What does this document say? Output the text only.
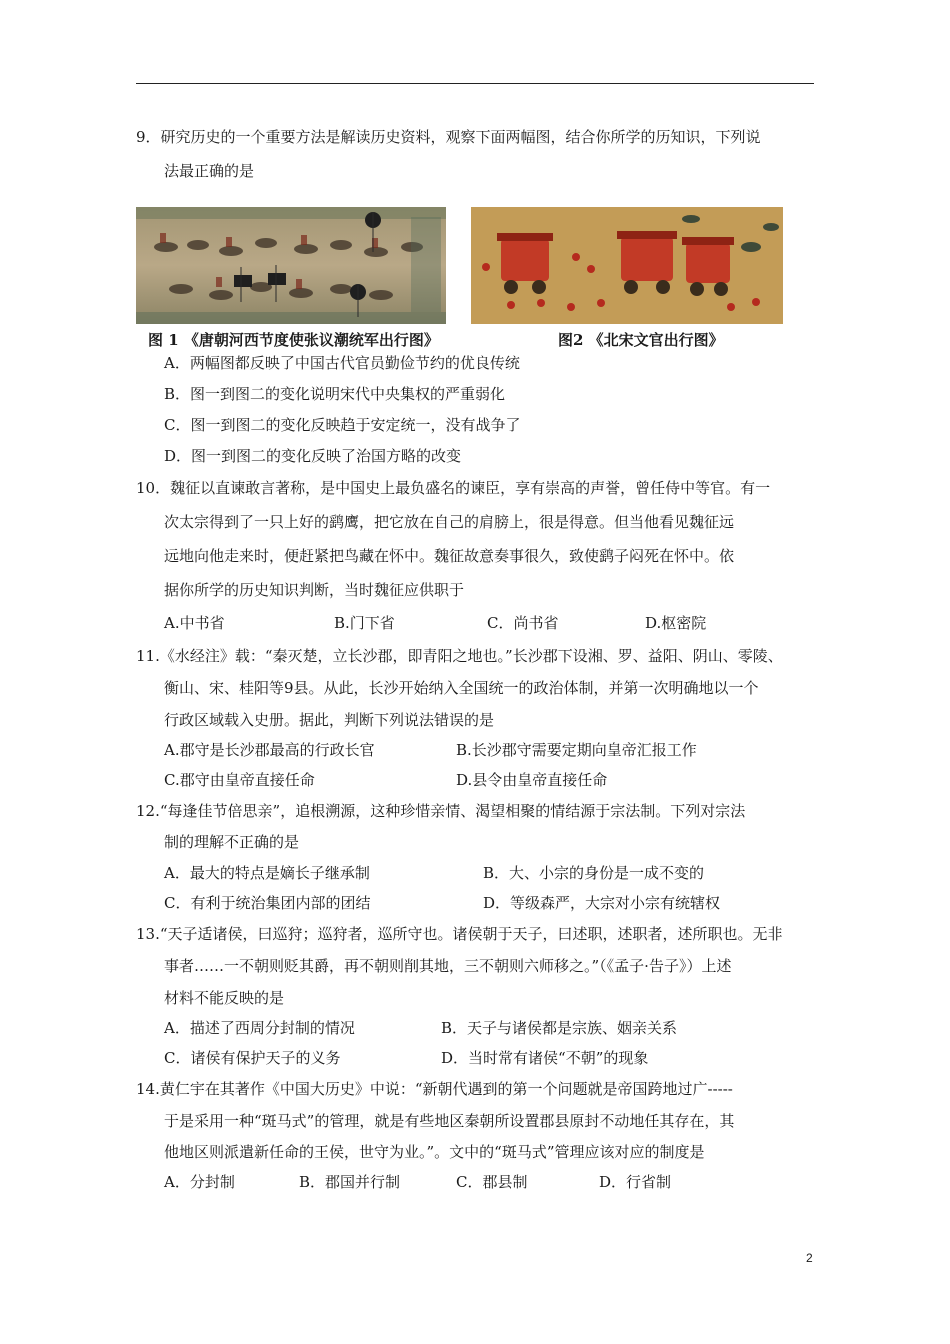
9．研究历史的一个重要方法是解读历史资料，观察下面两幅图，结合你所学的历知识，下列说
法最正确的是
图 1 《唐朝河西节度使张议潮统军出行图》	图2 《北宋文官出行图》
A．两幅图都反映了中国古代官员勤俭节约的优良传统
B．图一到图二的变化说明宋代中央集权的严重弱化
C．图一到图二的变化反映趋于安定统一，没有战争了
D．图一到图二的变化反映了治国方略的改变
10．魏征以直谏敢言著称，是中国史上最负盛名的谏臣，享有崇高的声誉，曾任侍中等官。有一
次太宗得到了一只上好的鹞鹰，把它放在自己的肩膀上，很是得意。但当他看见魏征远
远地向他走来时，便赶紧把鸟藏在怀中。魏征故意奏事很久，致使鹞子闷死在怀中。依
据你所学的历史知识判断，当时魏征应供职于
A.中书省	B.门下省	C．尚书省	D.枢密院
11.《水经注》载：“秦灭楚，立长沙郡，即青阳之地也。”长沙郡下设湘、罗、益阳、阴山、零陵、
衡山、宋、桂阳等9县。从此，长沙开始纳入全国统一的政治体制，并第一次明确地以一个
行政区域载入史册。据此，判断下列说法错误的是
A.郡守是长沙郡最高的行政长官	B.长沙郡守需要定期向皇帝汇报工作
C.郡守由皇帝直接任命	D.县令由皇帝直接任命
12.“每逢佳节倍思亲”，追根溯源，这种珍惜亲情、渴望相聚的情结源于宗法制。下列对宗法
制的理解不正确的是
A．最大的特点是嫡长子继承制	B．大、小宗的身份是一成不变的
C．有利于统治集团内部的团结	D．等级森严，大宗对小宗有统辖权
13.“天子适诸侯，曰巡狩；巡狩者，巡所守也。诸侯朝于天子，曰述职，述职者，述所职也。无非
事者……一不朝则贬其爵，再不朝则削其地，三不朝则六师移之。”（《孟子·告子》）上述
材料不能反映的是
A．描述了西周分封制的情况	B．天子与诸侯都是宗族、姻亲关系
C．诸侯有保护天子的义务	D．当时常有诸侯“不朝”的现象
14.黄仁宇在其著作《中国大历史》中说：“新朝代遇到的第一个问题就是帝国跨地过广-----
于是采用一种“斑马式”的管理，就是有些地区秦朝所设置郡县原封不动地任其存在，其
他地区则派遣新任命的王侯，世守为业。”。文中的“斑马式”管理应该对应的制度是
A．分封制	B．郡国并行制	C．郡县制	D．行省制
2
